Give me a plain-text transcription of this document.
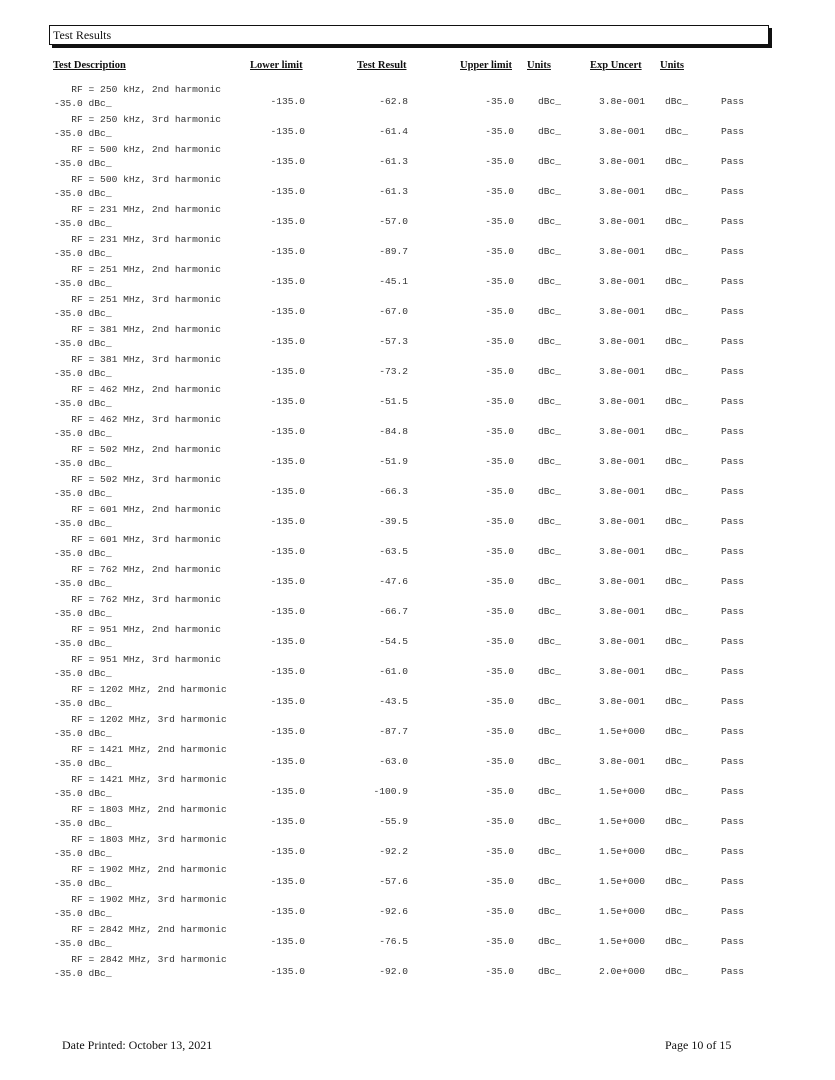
Test Results
Test Description	Lower limit	Test Result	Upper limit Units	Exp Uncert Units
RF = 250 kHz, 2nd harmonic
-35.0 dBc_	-135.0	-62.8	-35.0	dBc_	3.8e-001 dBc_	Pass
RF = 250 kHz, 3rd harmonic
-35.0 dBc_	-135.0	-61.4	-35.0	dBc_	3.8e-001 dBc_	Pass
RF = 500 kHz, 2nd harmonic
-35.0 dBc_	-135.0	-61.3	-35.0	dBc_	3.8e-001 dBc_	Pass
RF = 500 kHz, 3rd harmonic
-35.0 dBc_	-135.0	-61.3	-35.0	dBc_	3.8e-001 dBc_	Pass
RF = 231 MHz, 2nd harmonic
-35.0 dBc_	-135.0	-57.0	-35.0	dBc_	3.8e-001 dBc_	Pass
RF = 231 MHz, 3rd harmonic
-35.0 dBc_	-135.0	-89.7	-35.0	dBc_	3.8e-001 dBc_	Pass
RF = 251 MHz, 2nd harmonic
-35.0 dBc_	-135.0	-45.1	-35.0	dBc_	3.8e-001 dBc_	Pass
RF = 251 MHz, 3rd harmonic
-35.0 dBc_	-135.0	-67.0	-35.0	dBc_	3.8e-001 dBc_	Pass
RF = 381 MHz, 2nd harmonic
-35.0 dBc_	-135.0	-57.3	-35.0	dBc_	3.8e-001 dBc_	Pass
RF = 381 MHz, 3rd harmonic
-35.0 dBc_	-135.0	-73.2	-35.0	dBc_	3.8e-001 dBc_	Pass
RF = 462 MHz, 2nd harmonic
-35.0 dBc_	-135.0	-51.5	-35.0	dBc_	3.8e-001 dBc_	Pass
RF = 462 MHz, 3rd harmonic
-35.0 dBc_	-135.0	-84.8	-35.0	dBc_	3.8e-001 dBc_	Pass
RF = 502 MHz, 2nd harmonic
-35.0 dBc_	-135.0	-51.9	-35.0	dBc_	3.8e-001 dBc_	Pass
RF = 502 MHz, 3rd harmonic
-35.0 dBc_	-135.0	-66.3	-35.0	dBc_	3.8e-001 dBc_	Pass
RF = 601 MHz, 2nd harmonic
-35.0 dBc_	-135.0	-39.5	-35.0	dBc_	3.8e-001 dBc_	Pass
RF = 601 MHz, 3rd harmonic
-35.0 dBc_	-135.0	-63.5	-35.0	dBc_	3.8e-001 dBc_	Pass
RF = 762 MHz, 2nd harmonic
-35.0 dBc_	-135.0	-47.6	-35.0	dBc_	3.8e-001 dBc_	Pass
RF = 762 MHz, 3rd harmonic
-35.0 dBc_	-135.0	-66.7	-35.0	dBc_	3.8e-001 dBc_	Pass
RF = 951 MHz, 2nd harmonic
-35.0 dBc_	-135.0	-54.5	-35.0	dBc_	3.8e-001 dBc_	Pass
RF = 951 MHz, 3rd harmonic
-35.0 dBc_	-135.0	-61.0	-35.0	dBc_	3.8e-001 dBc_	Pass
RF = 1202 MHz, 2nd harmonic
-35.0 dBc_	-135.0	-43.5	-35.0	dBc_	3.8e-001 dBc_	Pass
RF = 1202 MHz, 3rd harmonic
-35.0 dBc_	-135.0	-87.7	-35.0	dBc_	1.5e+000 dBc_	Pass
RF = 1421 MHz, 2nd harmonic
-35.0 dBc_	-135.0	-63.0	-35.0	dBc_	3.8e-001 dBc_	Pass
RF = 1421 MHz, 3rd harmonic
-35.0 dBc_	-135.0	-100.9	-35.0	dBc_	1.5e+000 dBc_	Pass
RF = 1803 MHz, 2nd harmonic
-35.0 dBc_	-135.0	-55.9	-35.0	dBc_	1.5e+000 dBc_	Pass
RF = 1803 MHz, 3rd harmonic
-35.0 dBc_	-135.0	-92.2	-35.0	dBc_	1.5e+000 dBc_	Pass
RF = 1902 MHz, 2nd harmonic
-35.0 dBc_	-135.0	-57.6	-35.0	dBc_	1.5e+000 dBc_	Pass
RF = 1902 MHz, 3rd harmonic
-35.0 dBc_	-135.0	-92.6	-35.0	dBc_	1.5e+000 dBc_	Pass
RF = 2842 MHz, 2nd harmonic
-35.0 dBc_	-135.0	-76.5	-35.0	dBc_	1.5e+000 dBc_	Pass
RF = 2842 MHz, 3rd harmonic
-35.0 dBc_	-135.0	-92.0	-35.0	dBc_	2.0e+000 dBc_	Pass
Date Printed: October 13, 2021	Page 10 of 15
